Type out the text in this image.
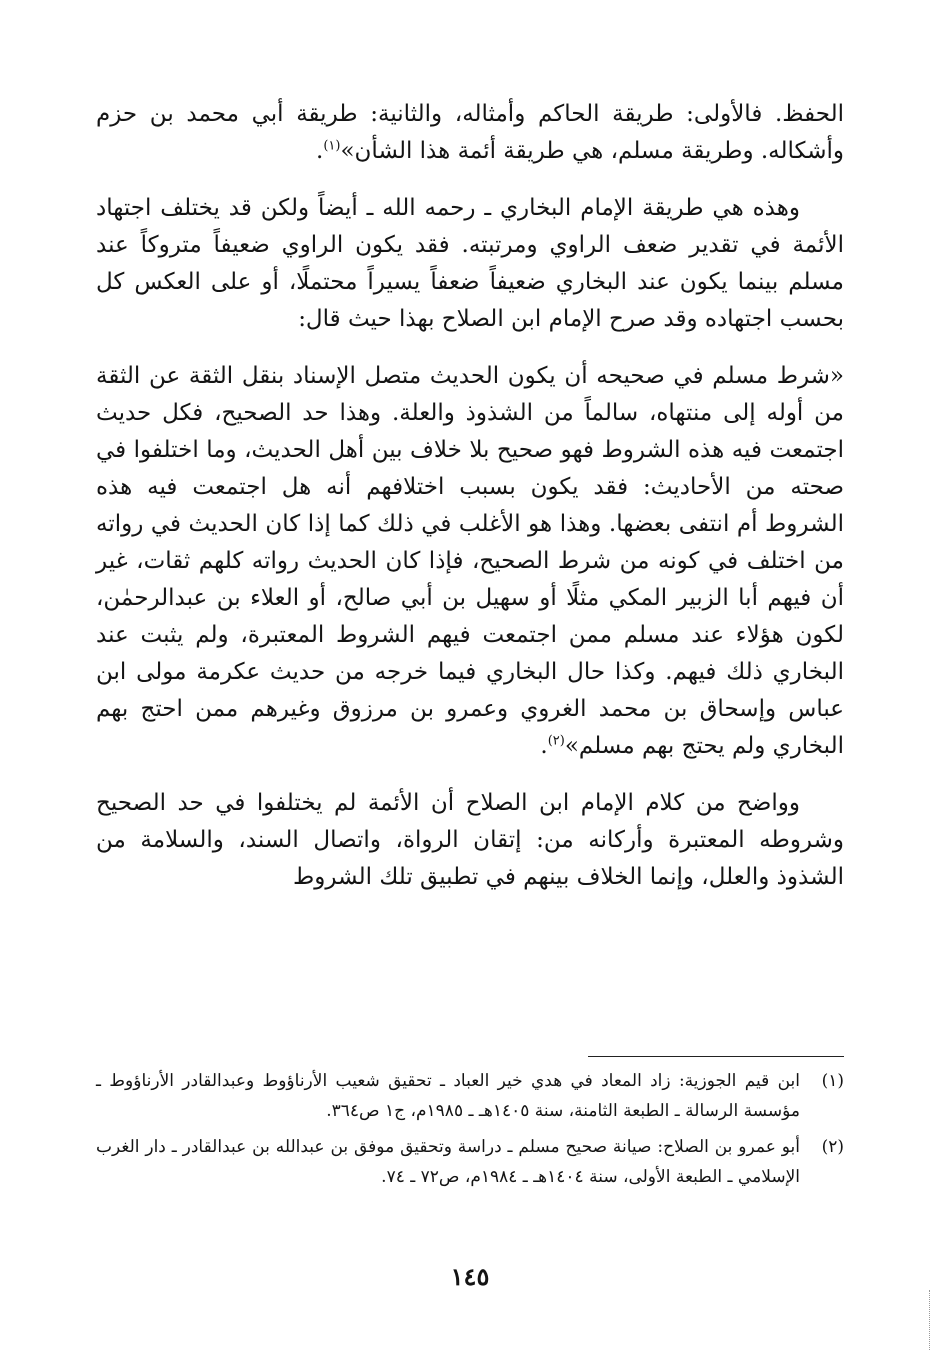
الحفظ. فالأولى: طريقة الحاكم وأمثاله، والثانية: طريقة أبي محمد بن حزم وأشكاله. وطريقة مسلم، هي طريقة أئمة هذا الشأن»$^{(١)}$.

وهذه هي طريقة الإمام البخاري ـ رحمه الله ـ أيضاً ولكن قد يختلف اجتهاد الأئمة في تقدير ضعف الراوي ومرتبته. فقد يكون الراوي ضعيفاً متروكاً عند مسلم بينما يكون عند البخاري ضعيفاً ضعفاً يسيراً محتملًا، أو على العكس كل بحسب اجتهاده وقد صرح الإمام ابن الصلاح بهذا حيث قال:

«شرط مسلم في صحيحه أن يكون الحديث متصل الإسناد بنقل الثقة عن الثقة من أوله إلى منتهاه، سالماً من الشذوذ والعلة. وهذا حد الصحيح، فكل حديث اجتمعت فيه هذه الشروط فهو صحيح بلا خلاف بين أهل الحديث، وما اختلفوا في صحته من الأحاديث: فقد يكون بسبب اختلافهم أنه هل اجتمعت فيه هذه الشروط أم انتفى بعضها. وهذا هو الأغلب في ذلك كما إذا كان الحديث في رواته من اختلف في كونه من شرط الصحيح، فإذا كان الحديث رواته كلهم ثقات، غير أن فيهم أبا الزبير المكي مثلًا أو سهيل بن أبي صالح، أو العلاء بن عبدالرحمٰن، لكون هؤلاء عند مسلم ممن اجتمعت فيهم الشروط المعتبرة، ولم يثبت عند البخاري ذلك فيهم. وكذا حال البخاري فيما خرجه من حديث عكرمة مولى ابن عباس وإسحاق بن محمد الغروي وعمرو بن مرزوق وغيرهم ممن احتج بهم البخاري ولم يحتج بهم مسلم»$^{(٢)}$.

وواضح من كلام الإمام ابن الصلاح أن الأئمة لم يختلفوا في حد الصحيح وشروطه المعتبرة وأركانه من: إتقان الرواة، واتصال السند، والسلامة من الشذوذ والعلل، وإنما الخلاف بينهم في تطبيق تلك الشروط

(١)
ابن قيم الجوزية: زاد المعاد في هدي خير العباد ـ تحقيق شعيب الأرناؤوط وعبدالقادر الأرناؤوط ـ مؤسسة الرسالة ـ الطبعة الثامنة، سنة ١٤٠٥هـ ـ ١٩٨٥م، ج١ ص٣٦٤.
(٢)
أبو عمرو بن الصلاح: صيانة صحيح مسلم ـ دراسة وتحقيق موفق بن عبدالله بن عبدالقادر ـ دار الغرب الإسلامي ـ الطبعة الأولى، سنة ١٤٠٤هـ ـ ١٩٨٤م، ص٧٢ ـ ٧٤.
١٤٥
